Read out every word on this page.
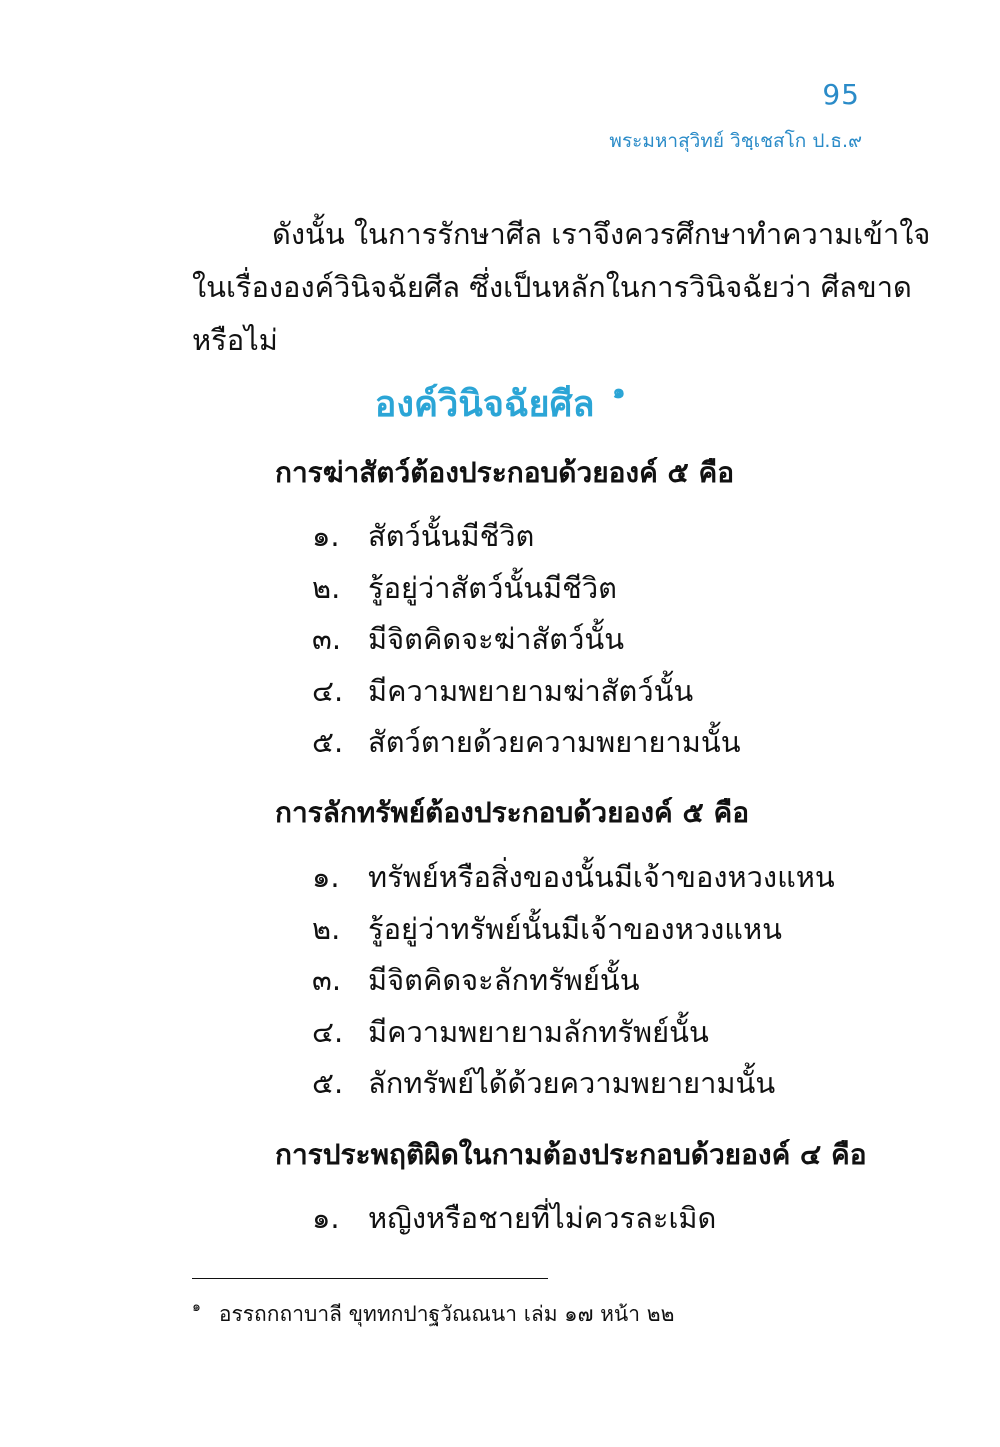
95
พระมหาสุวิทย์ วิชฺเชสโก ป.ธ.๙

ดังนั้น ในการรักษาศีล เราจึงควรศึกษาทำความเข้าใจ
ในเรื่ององค์วินิจฉัยศีล ซึ่งเป็นหลักในการวินิจฉัยว่า ศีลขาด
หรือไม่

องค์วินิจฉัยศีล $^๑$
การฆ่าสัตว์ต้องประกอบด้วยองค์ ๕ คือ
๑. สัตว์นั้นมีชีวิต
๒. รู้อยู่ว่าสัตว์นั้นมีชีวิต
๓. มีจิตคิดจะฆ่าสัตว์นั้น
๔. มีความพยายามฆ่าสัตว์นั้น
๕. สัตว์ตายด้วยความพยายามนั้น
การลักทรัพย์ต้องประกอบด้วยองค์ ๕ คือ
๑. ทรัพย์หรือสิ่งของนั้นมีเจ้าของหวงแหน
๒. รู้อยู่ว่าทรัพย์นั้นมีเจ้าของหวงแหน
๓. มีจิตคิดจะลักทรัพย์นั้น
๔. มีความพยายามลักทรัพย์นั้น
๕. ลักทรัพย์ได้ด้วยความพยายามนั้น
การประพฤติผิดในกามต้องประกอบด้วยองค์ ๔ คือ
๑. หญิงหรือชายที่ไม่ควรละเมิด
$^๑$ อรรถกถาบาลี ขุททกปาฐวัณณนา เล่ม ๑๗ หน้า ๒๒
